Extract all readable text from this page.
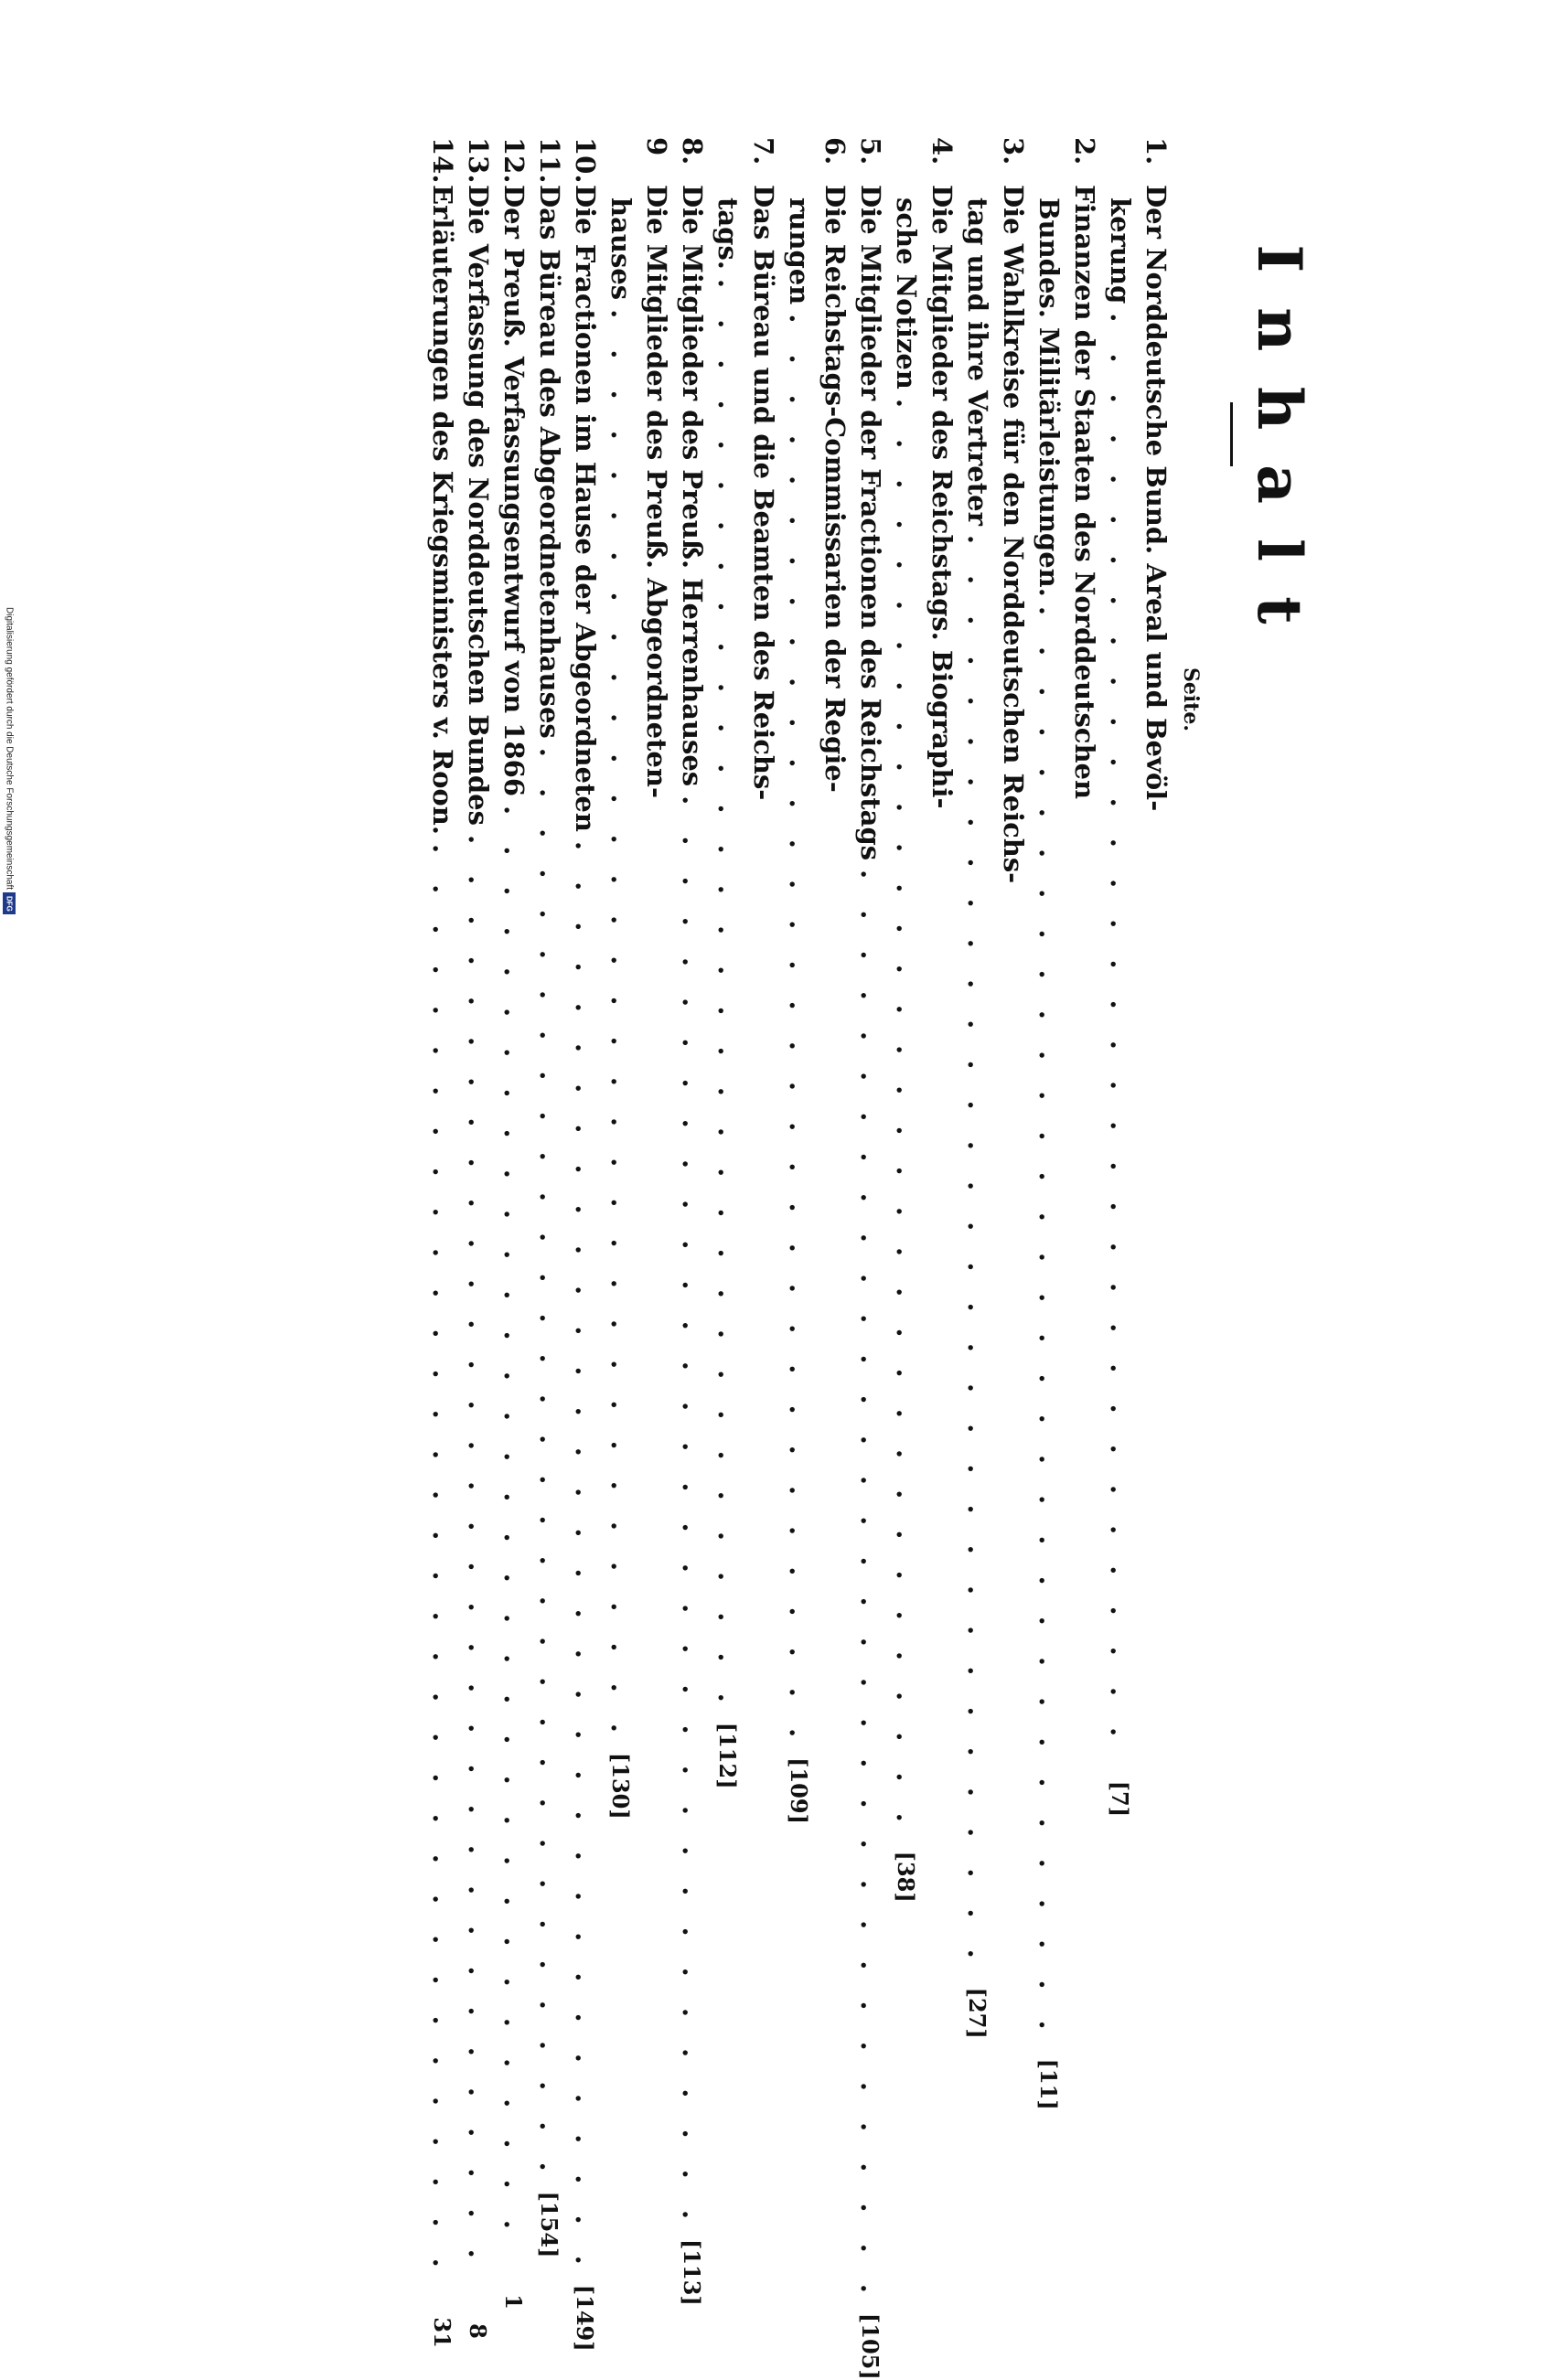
Inhalt
Seite.
1.
Der Norddeutsche Bund. Areal und Bevöl-
kerung
. . . . . . . . . . . . . . . . . . . . . . . . . . . . . . . . . . . .
[7]
2.
Finanzen der Staaten des Norddeutschen
Bundes. Militärleistungen.
. . . . . . . . . . . . . . . . . . . . . . . . . . . . . . . . . . . .
[11]
3.
Die Wahlkreise für den Norddeutschen Reichs-
tag und ihre Vertreter
. . . . . . . . . . . . . . . . . . . . . . . . . . . . . . . . . . . .
[27]
4.
Die Mitglieder des Reichstags. Biographi-
sche Notizen
. . . . . . . . . . . . . . . . . . . . . . . . . . . . . . . . . . . .
[38]
5.
Die Mitglieder der Fractionen des Reichstags
. . . . . . . . . . . . . . . . . . . . . . . . . . . . . . . . . . . .
[105]
6.
Die Reichstags-Commissarien der Regie-
rungen
. . . . . . . . . . . . . . . . . . . . . . . . . . . . . . . . . . . .
[109]
7.
Das Büreau und die Beamten des Reichs-
tags.
. . . . . . . . . . . . . . . . . . . . . . . . . . . . . . . . . . . .
[112]
8.
Die Mitglieder des Preuß. Herrenhauses
. . . . . . . . . . . . . . . . . . . . . . . . . . . . . . . . . . . .
[113]
9
Die Mitglieder des Preuß. Abgeordneten-
hauses
. . . . . . . . . . . . . . . . . . . . . . . . . . . . . . . . . . . .
[130]
10.
Die Fractionen im Hause der Abgeordneten
. . . . . . . . . . . . . . . . . . . . . . . . . . . . . . . . . . . .
[149]
11.
Das Büreau des Abgeordnetenhauses
. . . . . . . . . . . . . . . . . . . . . . . . . . . . . . . . . . . .
[154]
12.
Der Preuß. Verfassungsentwurf von 1866
. . . . . . . . . . . . . . . . . . . . . . . . . . . . . . . . . . . .
1
13.
Die Verfassung des Norddeutschen Bundes
. . . . . . . . . . . . . . . . . . . . . . . . . . . . . . . . . . . .
8
14.
Erläuterungen des Kriegsministers v. Roon.
. . . . . . . . . . . . . . . . . . . . . . . . . . . . . . . . . . . .
31
Digitalisierung gefördert durch die Deutsche Forschungsgemeinschaft
DFG
